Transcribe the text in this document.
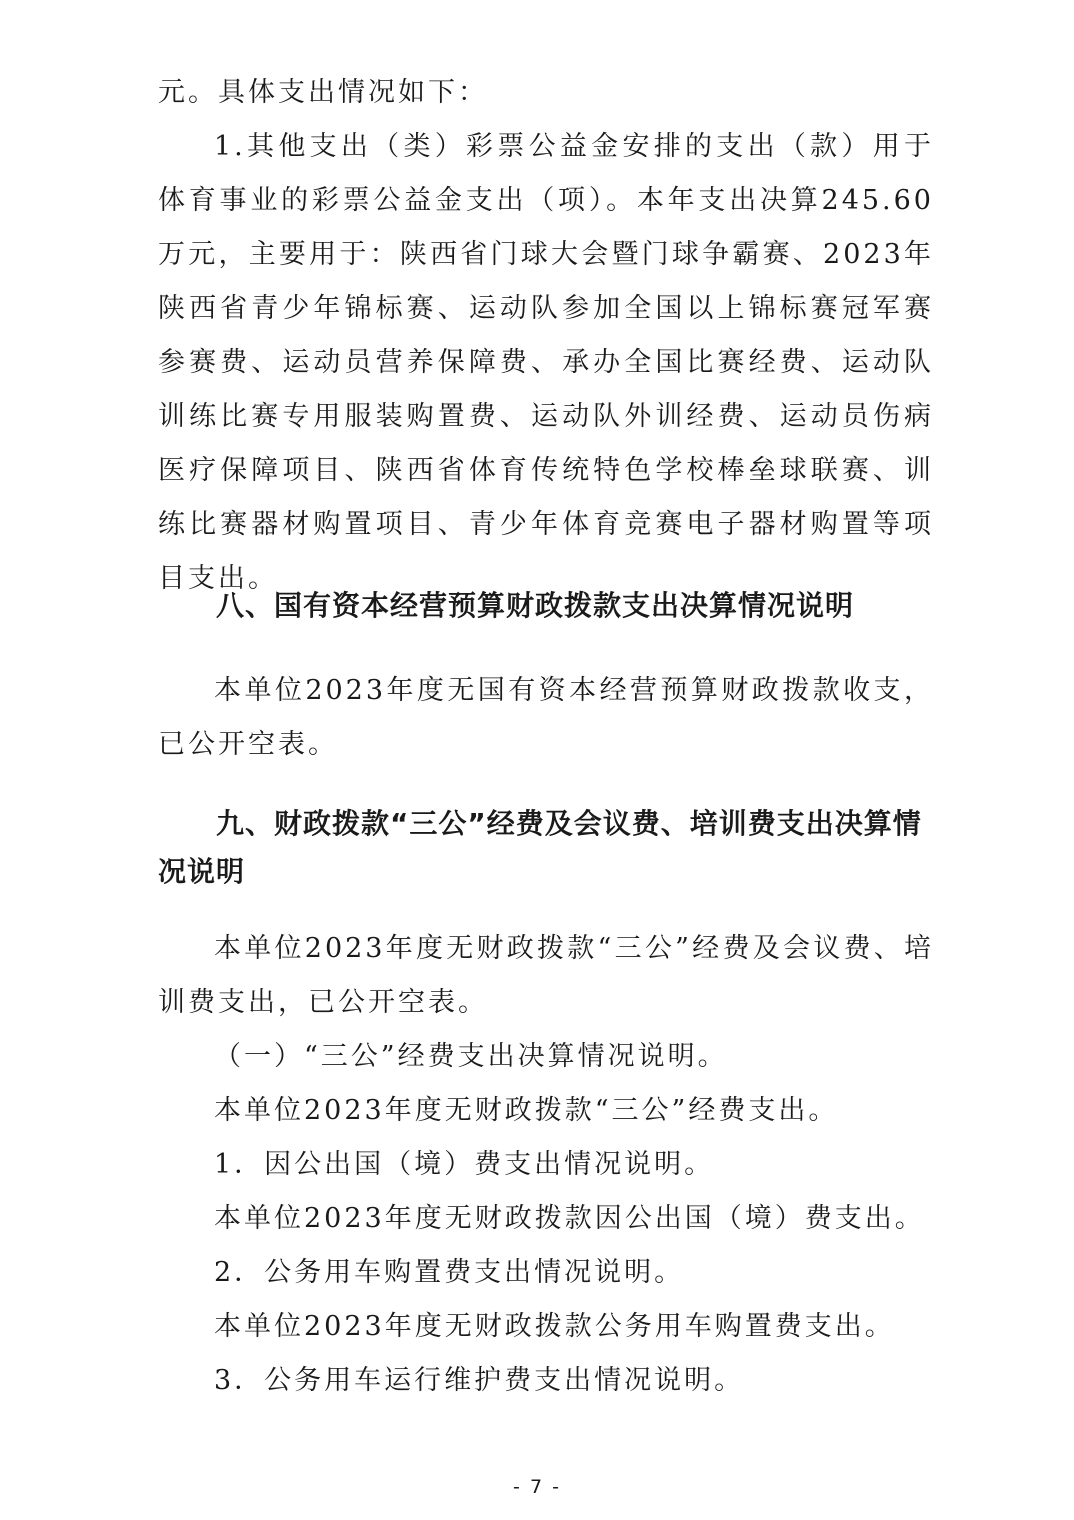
元。具体支出情况如下：

1.其他支出（类）彩票公益金安排的支出（款）用于体育事业的彩票公益金支出（项）。本年支出决算245.60万元，主要用于：陕西省门球大会暨门球争霸赛、2023年陕西省青少年锦标赛、运动队参加全国以上锦标赛冠军赛参赛费、运动员营养保障费、承办全国比赛经费、运动队训练比赛专用服装购置费、运动队外训经费、运动员伤病医疗保障项目、陕西省体育传统特色学校棒垒球联赛、训练比赛器材购置项目、青少年体育竞赛电子器材购置等项目支出。

八、国有资本经营预算财政拨款支出决算情况说明

本单位2023年度无国有资本经营预算财政拨款收支，已公开空表。

九、财政拨款“三公”经费及会议费、培训费支出决算情况说明

本单位2023年度无财政拨款“三公”经费及会议费、培训费支出，已公开空表。

（一）“三公”经费支出决算情况说明。

本单位2023年度无财政拨款“三公”经费支出。

1．因公出国（境）费支出情况说明。

本单位2023年度无财政拨款因公出国（境）费支出。

2．公务用车购置费支出情况说明。

本单位2023年度无财政拨款公务用车购置费支出。

3．公务用车运行维护费支出情况说明。

- 7 -
